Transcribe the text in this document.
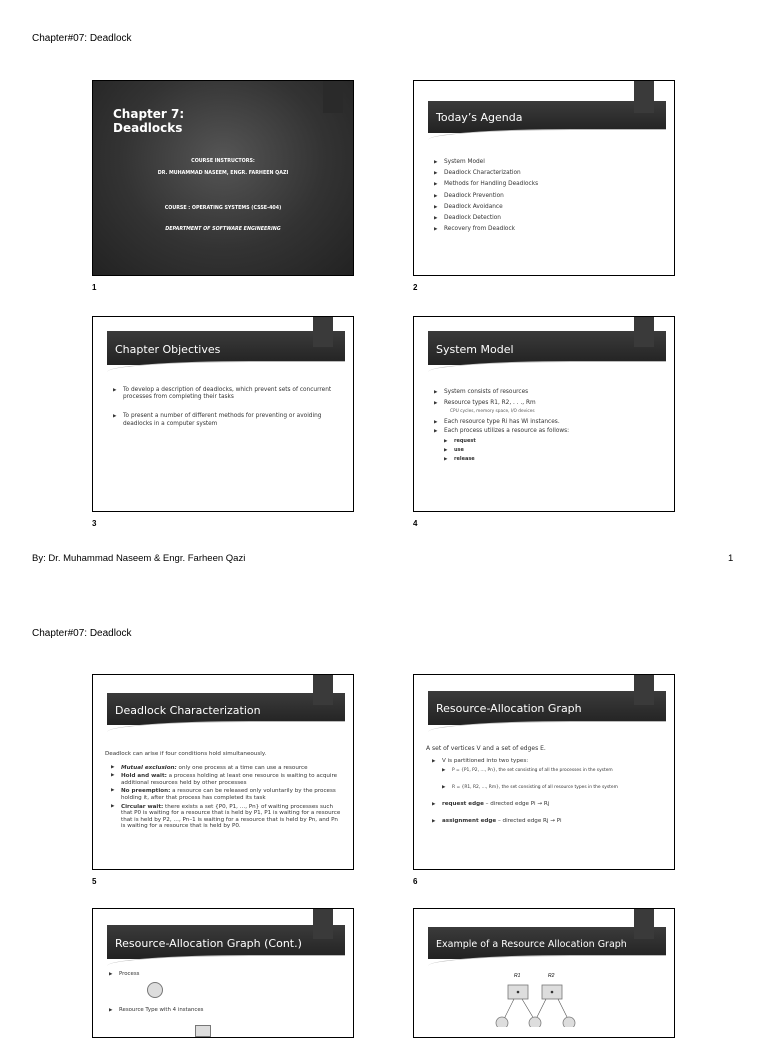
Chapter#07: Deadlock
Chapter 7:
Deadlocks
COURSE INSTRUCTORS:
DR. MUHAMMAD NASEEM, ENGR. FARHEEN QAZI
COURSE : OPERATING SYSTEMS (CSSE-404)
DEPARTMENT OF SOFTWARE ENGINEERING
1
Today’s Agenda
▶ System Model
▶ Deadlock Characterization
▶ Methods for Handling Deadlocks
▶ Deadlock Prevention
▶ Deadlock Avoidance
▶ Deadlock Detection
▶ Recovery from Deadlock
2
Chapter Objectives
▶ To develop a description of deadlocks, which prevent sets of concurrent processes from completing their tasks
▶ To present a number of different methods for preventing or avoiding deadlocks in a computer system
3
System Model
▶ System consists of resources
▶ Resource types R1, R2, . . ., Rm
CPU cycles, memory space, I/O devices
▶ Each resource type Ri has Wi instances.
▶ Each process utilizes a resource as follows:
▶ request
▶ use
▶ release
4
By: Dr. Muhammad Naseem & Engr. Farheen Qazi	1
Chapter#07: Deadlock
Deadlock Characterization
Deadlock can arise if four conditions hold simultaneously.
▶ Mutual exclusion: only one process at a time can use a resource
▶ Hold and wait: a process holding at least one resource is waiting to acquire additional resources held by other processes
▶ No preemption: a resource can be released only voluntarily by the process holding it, after that process has completed its task
▶ Circular wait: there exists a set {P0, P1, …, Pn} of waiting processes such that P0 is waiting for a resource that is held by P1, P1 is waiting for a resource that is held by P2, …, Pn–1 is waiting for a resource that is held by Pn, and Pn is waiting for a resource that is held by P0.
5
Resource-Allocation Graph
A set of vertices V and a set of edges E.
▶ V is partitioned into two types:
▶ P = {P1, P2, …, Pn}, the set consisting of all the processes in the system
▶ R = {R1, R2, …, Rm}, the set consisting of all resource types in the system
▶ request edge – directed edge Pi → Rj
▶ assignment edge – directed edge Rj → Pi
6
Resource-Allocation Graph (Cont.)
▶ Process
▶ Resource Type with 4 instances
Example of a Resource Allocation Graph
R1	R2
